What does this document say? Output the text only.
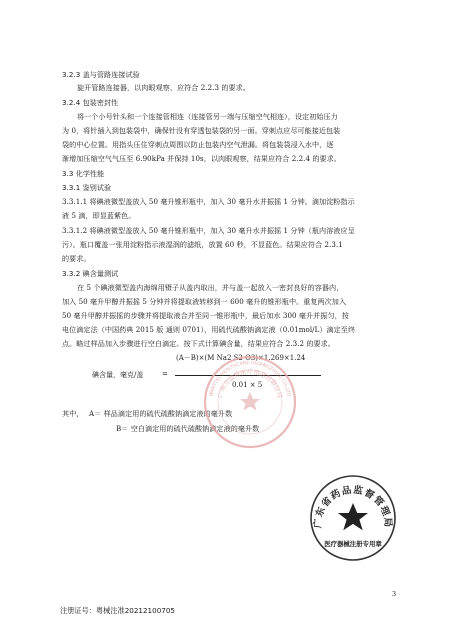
3.2.3 盖与管路连接试验
旋开管路连接器，以肉眼观察，应符合 2.2.3 的要求。
3.2.4 包装密封性
将一个小号针头和一个连接管相连（连接管另一端与压缩空气相连），设定初始压力
为 0，将针插入到包装袋中，确保针没有穿透包装袋的另一面。穿刺点应尽可能接近包装
袋的中心位置。用指头压住穿刺点周围以防止包装内空气泄漏。将包装袋浸入水中，逐
渐增加压缩空气气压至 6.90kPa 并保持 10s，以肉眼观察，结果应符合 2.2.4 的要求。
3.3 化学性能
3.3.1 鉴别试验
3.3.1.1 将碘液微型盖放入 50 毫升锥形瓶中，加入 30 毫升水并振摇 1 分钟。滴加淀粉指示
液 5 滴，即显蓝紫色。
3.3.1.2 将碘液微型盖放入 50 毫升锥形瓶中，加入 30 毫升水并振摇 1 分钟（瓶内溶液应呈
污）。瓶口覆盖一张用淀粉指示液湿润的滤纸，放置 60 秒，不显蓝色。结果应符合 2.3.1
的要求。
3.3.2 碘含量测试
在 5 个碘液微型盖内海绵用镊子从盖内取出，并与盖一起放入一密封良好的容器内，
加入 50 毫升甲醇并振摇 5 分钟并将提取液转移到一 600 毫升的锥形瓶中。重复两次加入
50 毫升甲醇并振摇的步骤并将提取液合并至同一锥形瓶中，最后加水 300 毫升并振匀，按
电位滴定法（中国药典 2015 版 通则 0701），用硫代硫酸钠滴定液（0.01mol/L）滴定至终
点。略过样品加入步骤进行空白滴定。按下式计算碘含量，结果应符合 2.3.2 的要求。
(A－B)×(M Na2 S2 O3)×1.269×1.24
碘含量，毫克/盖	=
0.01 × 5
其中， A＝ 样品滴定用的硫代硫酸钠滴定液的毫升数
B＝ 空白滴定用的硫代硫酸钠滴定液的毫升数
广州万益特医疗用品有限公司
WANTTEL HEALTHCARE (GUANGZHOU) CO.,LTD
广东省药品监督管理局
医疗器械注册专用章
3
注册证号：粤械注准20212100705
